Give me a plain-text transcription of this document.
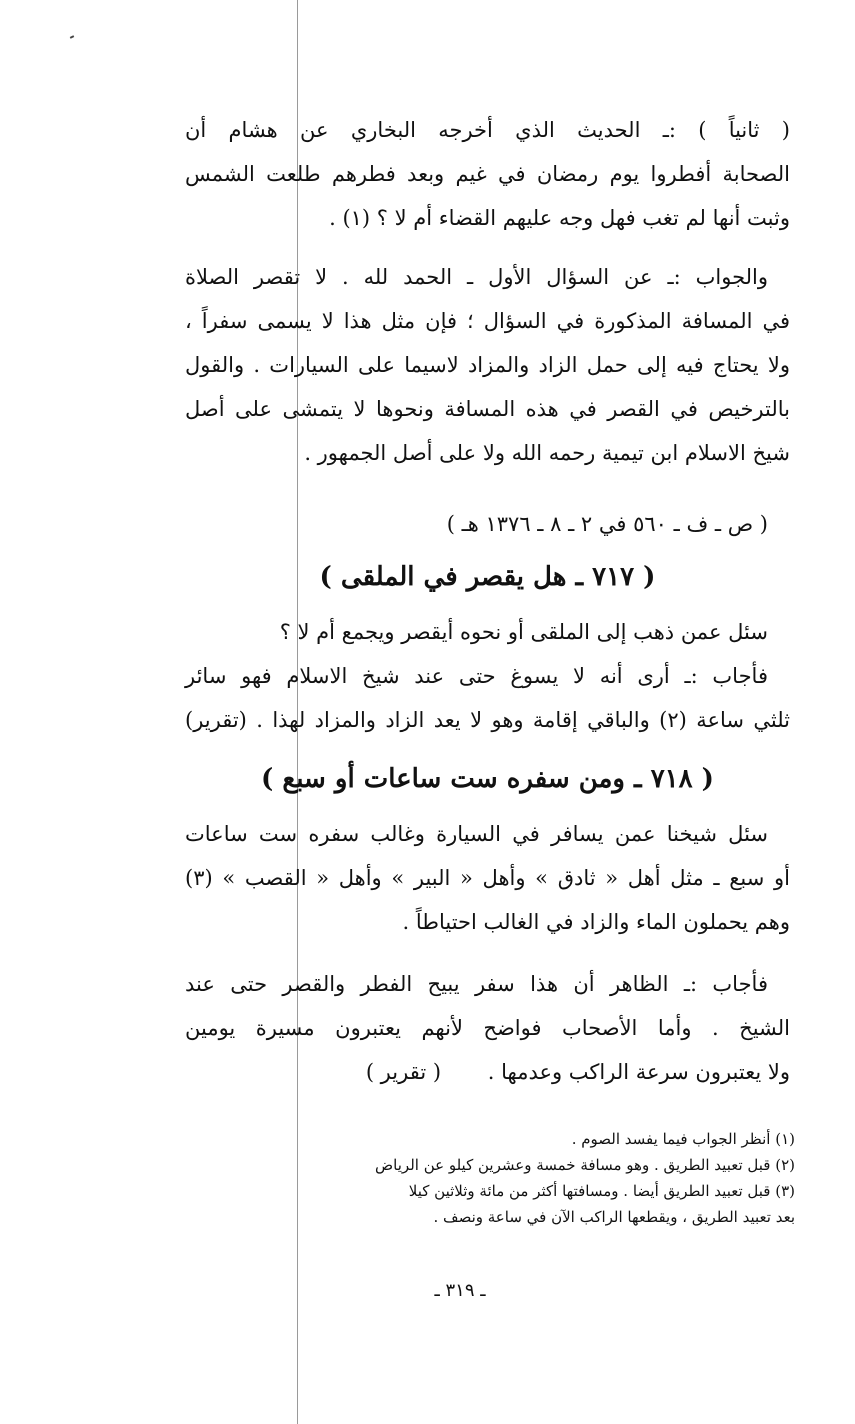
( ثانياً ) :ـ الحديث الذي أخرجه البخاري عن هشام أن
الصحابة أفطروا يوم رمضان في غيم وبعد فطرهم طلعت الشمس
وثبت أنها لم تغب فهل وجه عليهم القضاء أم لا ؟ (١) .
والجواب :ـ عن السؤال الأول ـ الحمد لله . لا تقصر الصلاة
في المسافة المذكورة في السؤال ؛ فإن مثل هذا لا يسمى سفراً ،
ولا يحتاج فيه إلى حمل الزاد والمزاد لاسيما على السيارات . والقول
بالترخيص في القصر في هذه المسافة ونحوها لا يتمشى على أصل
شيخ الاسلام ابن تيمية رحمه الله ولا على أصل الجمهور .
( ص ـ ف ـ ٥٦٠ في ٢ ـ ٨ ـ ١٣٧٦ هـ )
( ٧١٧ ـ هل يقصر في الملقى )
سئل عمن ذهب إلى الملقى أو نحوه أيقصر ويجمع أم لا ؟
فأجاب :ـ أرى أنه لا يسوغ حتى عند شيخ الاسلام فهو سائر
ثلثي ساعة (٢) والباقي إقامة وهو لا يعد الزاد والمزاد لهذا . (تقرير)
( ٧١٨ ـ ومن سفره ست ساعات أو سبع )
سئل شيخنا عمن يسافر في السيارة وغالب سفره ست ساعات
أو سبع ـ مثل أهل « ثادق » وأهل « البير » وأهل « القصب » (٣)
وهم يحملون الماء والزاد في الغالب احتياطاً .
فأجاب :ـ الظاهر أن هذا سفر يبيح الفطر والقصر حتى عند
الشيخ . وأما الأصحاب فواضح لأنهم يعتبرون مسيرة يومين
ولا يعتبرون سرعة الراكب وعدمها .       ( تقرير )
(١) أنظر الجواب فيما يفسد الصوم .
(٢) قبل تعبيد الطريق . وهو مسافة خمسة وعشرين كيلو عن الرياض
(٣) قبل تعبيد الطريق أيضا . ومسافتها أكثر من مائة وثلاثين كيلا
بعد تعبيد الطريق ، ويقطعها الراكب الآن في ساعة ونصف .
ـ ٣١٩ ـ
